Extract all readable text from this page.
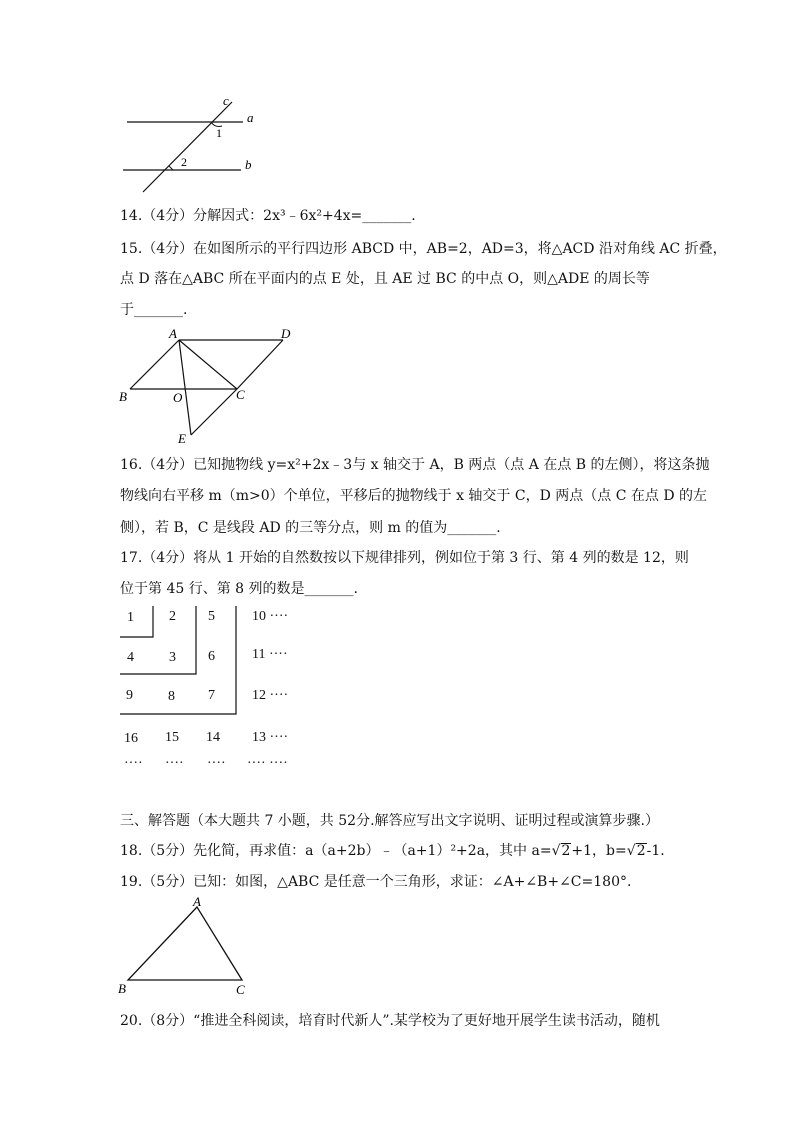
c
a
b
1
2
14.（4分）分解因式：2x³﹣6x²+4x=_______.
15.（4分）在如图所示的平行四边形 ABCD 中，AB=2，AD=3，将△ACD 沿对角线 AC 折叠，
点 D 落在△ABC 所在平面内的点 E 处，且 AE 过 BC 的中点 O，则△ADE 的周长等
于_______.
A	D
B	O	C
E
16.（4分）已知抛物线 y=x²+2x﹣3与 x 轴交于 A，B 两点（点 A 在点 B 的左侧），将这条抛
物线向右平移 m（m>0）个单位，平移后的抛物线于 x 轴交于 C，D 两点（点 C 在点 D 的左
侧），若 B，C 是线段 AD 的三等分点，则 m 的值为_______.
17.（4分）将从 1 开始的自然数按以下规律排列，例如位于第 3 行、第 4 列的数是 12，则
位于第 45 行、第 8 列的数是_______.
1	2 5	10 ····
4	3 6	11 ····
9	8 7	12 ····
16 15 14 13 ····
···· ···· ···· ···· ····
三、解答题（本大题共 7 小题，共 52分.解答应写出文字说明、证明过程或演算步骤.）
18.（5分）先化简，再求值：a（a+2b）﹣（a+1）²+2a，其中 a=√2+1，b=√2-1.
19.（5分）已知：如图，△ABC 是任意一个三角形，求证：∠A+∠B+∠C=180°.
A
B	C
20.（8分）“推进全科阅读，培育时代新人”.某学校为了更好地开展学生读书活动，随机
